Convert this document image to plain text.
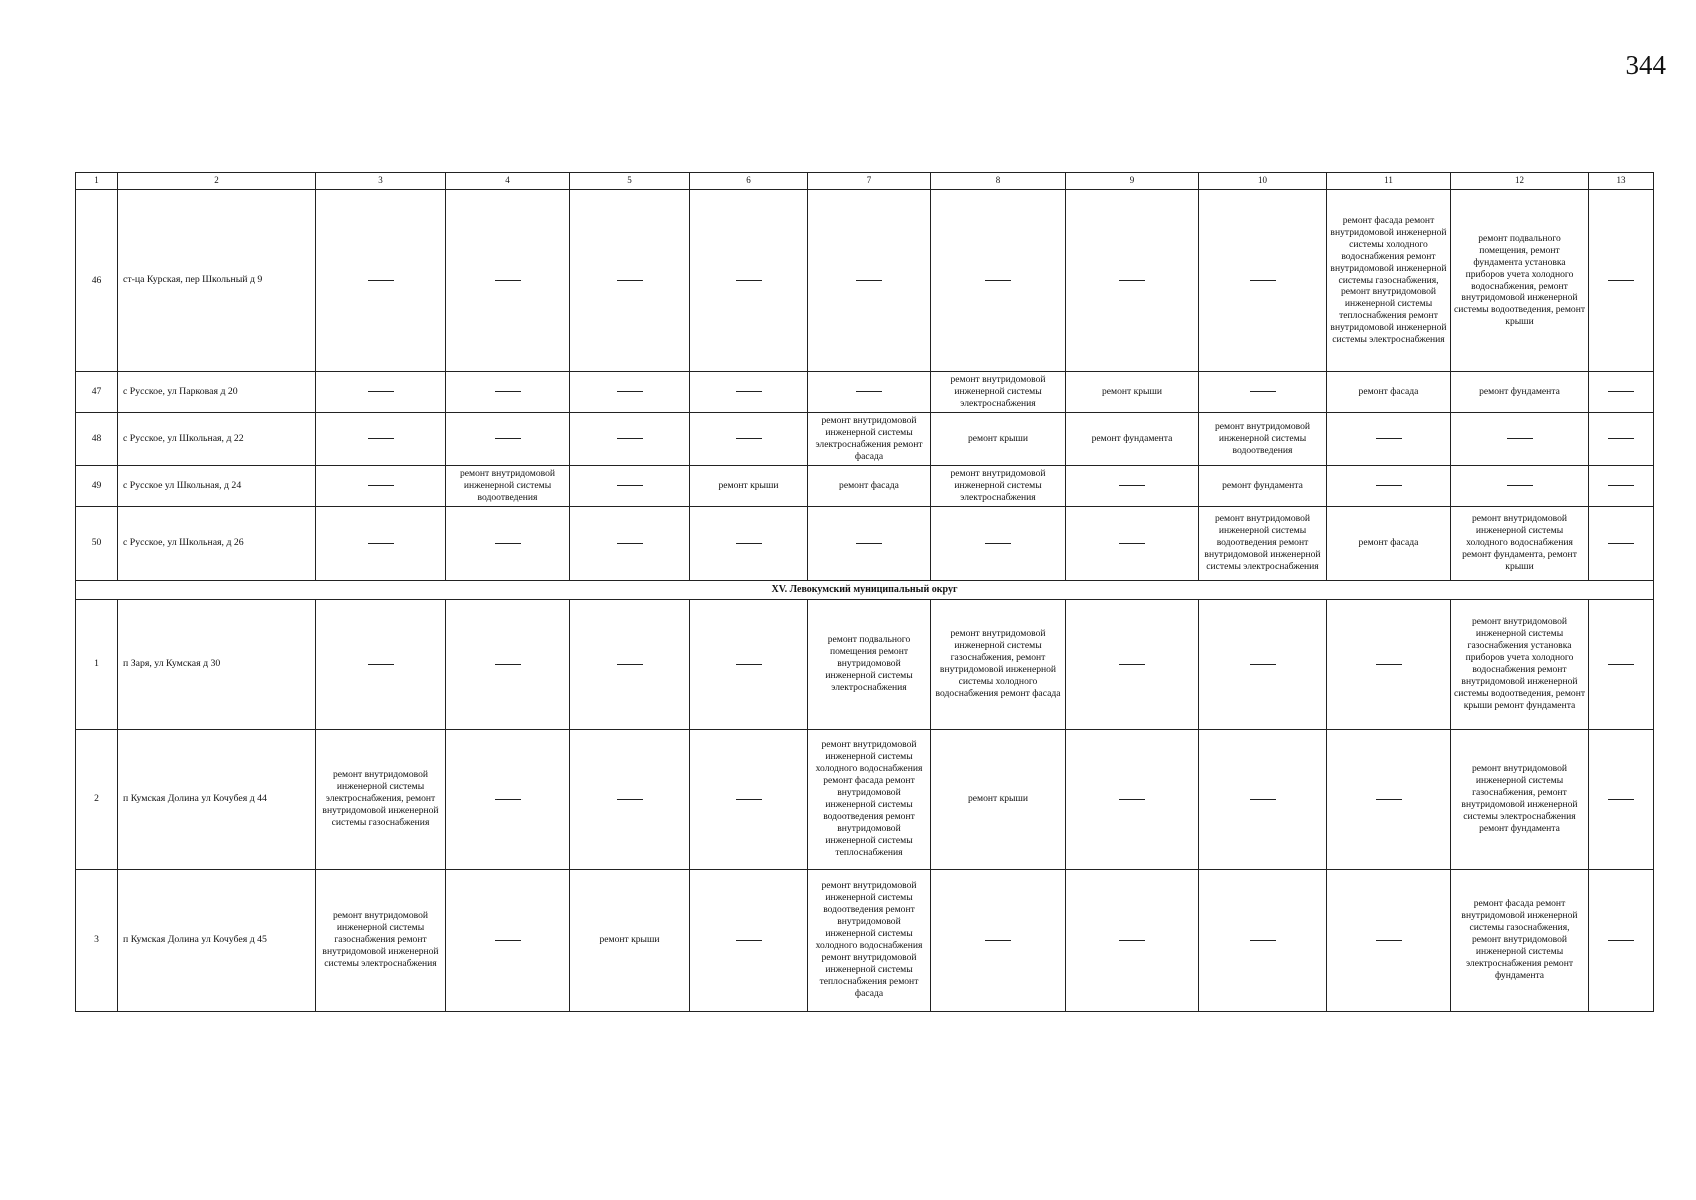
344
1	2	3	4	5	6	7	8	9	10	11	12	13
46	ст-ца Курская, пер Школьный д 9									ремонт фасада ремонт внутридомовой инженерной системы холодного водоснабжения ремонт внутридомовой инженерной системы газоснабжения, ремонт внутридомовой инженерной системы теплоснабжения ремонт внутридомовой инженерной системы электроснабжения	ремонт подвального помещения, ремонт фундамента установка приборов учета холодного водоснабжения, ремонт внутридомовой инженерной системы водоотведения, ремонт крыши	
47	с Русское, ул Парковая д 20						ремонт внутридомовой инженерной системы электроснабжения	ремонт крыши		ремонт фасада	ремонт фундамента	
48	с Русское, ул Школьная, д 22					ремонт внутридомовой инженерной системы электроснабжения ремонт фасада	ремонт крыши	ремонт фундамента	ремонт внутридомовой инженерной системы водоотведения			
49	с Русское ул Школьная, д 24		ремонт внутридомовой инженерной системы водоотведения		ремонт крыши	ремонт фасада	ремонт внутридомовой инженерной системы электроснабжения		ремонт фундамента			
50	с Русское, ул Школьная, д 26								ремонт внутридомовой инженерной системы водоотведения ремонт внутридомовой инженерной системы электроснабжения	ремонт фасада	ремонт внутридомовой инженерной системы холодного водоснабжения ремонт фундамента, ремонт крыши	
XV. Левокумский муниципальный округ												
1	п Заря, ул Кумская д 30					ремонт подвального помещения ремонт внутридомовой инженерной системы электроснабжения	ремонт внутридомовой инженерной системы газоснабжения, ремонт внутридомовой инженерной системы холодного водоснабжения ремонт фасада				ремонт внутридомовой инженерной системы газоснабжения установка приборов учета холодного водоснабжения ремонт внутридомовой инженерной системы водоотведения, ремонт крыши ремонт фундамента	
2	п Кумская Долина ул Кочубея д 44	ремонт внутридомовой инженерной системы электроснабжения, ремонт внутридомовой инженерной системы газоснабжения				ремонт внутридомовой инженерной системы холодного водоснабжения ремонт фасада ремонт внутридомовой инженерной системы водоотведения ремонт внутридомовой инженерной системы теплоснабжения	ремонт крыши				ремонт внутридомовой инженерной системы газоснабжения, ремонт внутридомовой инженерной системы электроснабжения ремонт фундамента	
3	п Кумская Долина ул Кочубея д 45	ремонт внутридомовой инженерной системы газоснабжения ремонт внутридомовой инженерной системы электроснабжения		ремонт крыши		ремонт внутридомовой инженерной системы водоотведения ремонт внутридомовой инженерной системы холодного водоснабжения ремонт внутридомовой инженерной системы теплоснабжения ремонт фасада					ремонт фасада ремонт внутридомовой инженерной системы газоснабжения, ремонт внутридомовой инженерной системы электроснабжения ремонт фундамента	
